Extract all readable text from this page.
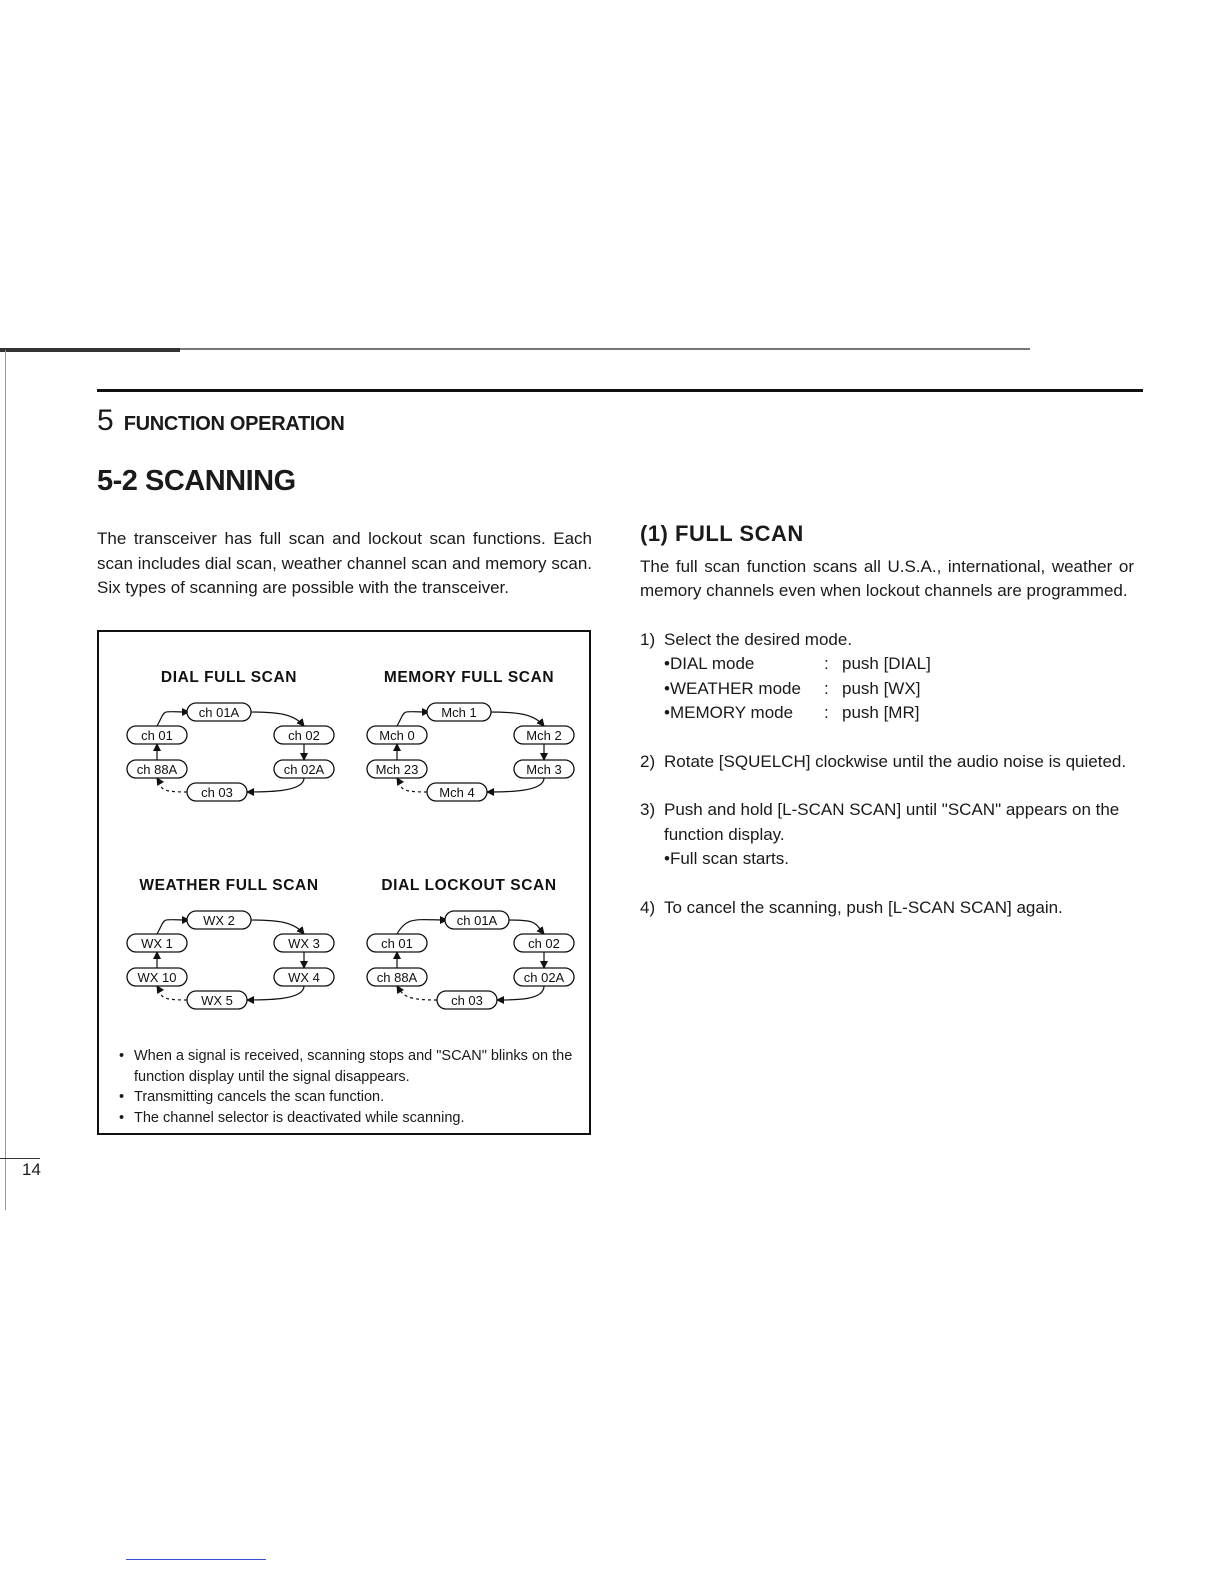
5 FUNCTION OPERATION
5-2 SCANNING

The transceiver has full scan and lockout scan functions. Each scan includes dial scan, weather channel scan and memory scan. Six types of scanning are possible with the transceiver.

DIAL FULL SCAN
ch 01A
ch 01	ch 02
ch 88A	ch 02A
ch 03
MEMORY FULL SCAN
Mch 1
Mch 0	Mch 2
Mch 23	Mch 3
Mch 4
WEATHER FULL SCAN
WX 2
WX 1	WX 3
WX 10	WX 4
WX 5
DIAL LOCKOUT SCAN
ch 01A
ch 01	ch 02
ch 88A	ch 02A
ch 03
• When a signal is received, scanning stops and "SCAN" blinks on the function display until the signal disappears.
• Transmitting cancels the scan function.
• The channel selector is deactivated while scanning.
(1) FULL SCAN

The full scan function scans all U.S.A., international, weather or memory channels even when lockout channels are programmed.

1) Select the desired mode.
• DIAL mode	: push [DIAL]
• WEATHER mode	: push [WX]
• MEMORY mode	: push [MR]
2) Rotate [SQUELCH] clockwise until the audio noise is quieted.
3) Push and hold [L-SCAN SCAN] until "SCAN" appears on the function display.
• Full scan starts.
4) To cancel the scanning, push [L-SCAN SCAN] again.
14
